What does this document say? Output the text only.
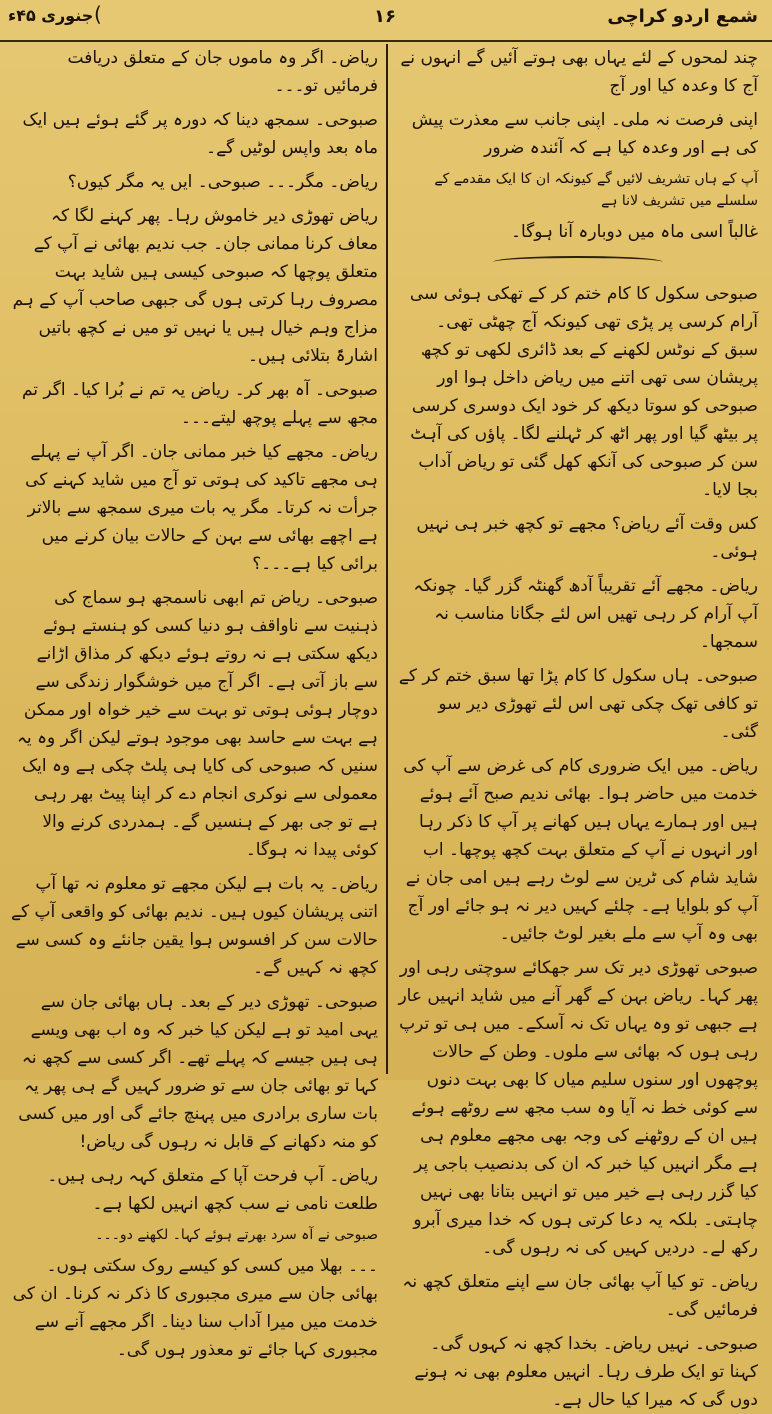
شمع اردو کراچی
۱۶
(
جنوری ۴۵ء

چند لمحوں کے لئے یہاں بھی ہوتے آئیں گے انہوں نے آج کا وعدہ کیا اور آج

اپنی فرصت نہ ملی۔ اپنی جانب سے معذرت پیش کی ہے اور وعدہ کیا ہے کہ آئندہ ضرور

آپ کے ہاں تشریف لائیں گے کیونکہ ان کا ایک مقدمے کے سلسلے میں تشریف لانا ہے

غالباً اسی ماہ میں دوبارہ آنا ہوگا۔

صبوحی سکول کا کام ختم کر کے تھکی ہوئی سی آرام کرسی پر پڑی تھی کیونکہ آج چھٹی تھی۔ سبق کے نوٹس لکھنے کے بعد ڈائری لکھی تو کچھ پریشان سی تھی اتنے میں ریاض داخل ہوا اور صبوحی کو سوتا دیکھ کر خود ایک دوسری کرسی پر بیٹھ گیا اور پھر اٹھ کر ٹہلنے لگا۔ پاؤں کی آہٹ سن کر صبوحی کی آنکھ کھل گئی تو ریاض آداب بجا لایا۔

کس وقت آئے ریاض؟ مجھے تو کچھ خبر ہی نہیں ہوئی۔

ریاض۔ مجھے آئے تقریباً آدھ گھنٹہ گزر گیا۔ چونکہ آپ آرام کر رہی تھیں اس لئے جگانا مناسب نہ سمجھا۔

صبوحی۔ ہاں سکول کا کام پڑا تھا سبق ختم کر کے تو کافی تھک چکی تھی اس لئے تھوڑی دیر سو گئی۔

ریاض۔ میں ایک ضروری کام کی غرض سے آپ کی خدمت میں حاضر ہوا۔ بھائی ندیم صبح آئے ہوئے ہیں اور ہمارے یہاں ہیں کھانے پر آپ کا ذکر رہا اور انہوں نے آپ کے متعلق بہت کچھ پوچھا۔ اب شاید شام کی ٹرین سے لوٹ رہے ہیں امی جان نے آپ کو بلوایا ہے۔ چلئے کہیں دیر نہ ہو جائے اور آج بھی وہ آپ سے ملے بغیر لوٹ جائیں۔

صبوحی تھوڑی دیر تک سر جھکائے سوچتی رہی اور پھر کہا۔ ریاض بہن کے گھر آنے میں شاید انہیں عار ہے جبھی تو وہ یہاں تک نہ آسکے۔ میں ہی تو ترپ رہی ہوں کہ بھائی سے ملوں۔ وطن کے حالات پوچھوں اور سنوں سلیم میاں کا بھی بہت دنوں سے کوئی خط نہ آیا وہ سب مجھ سے روٹھے ہوئے ہیں ان کے روٹھنے کی وجہ بھی مجھے معلوم ہی ہے مگر انہیں کیا خبر کہ ان کی بدنصیب باجی پر کیا گزر رہی ہے خیر میں تو انہیں بتانا بھی نہیں چاہتی۔ بلکہ یہ دعا کرتی ہوں کہ خدا میری آبرو رکھ لے۔ دردیں کہیں کی نہ رہوں گی۔

ریاض۔ تو کیا آپ بھائی جان سے اپنے متعلق کچھ نہ فرمائیں گی۔

صبوحی۔ نہیں ریاض۔ بخدا کچھ نہ کہوں گی۔ کہنا تو ایک طرف رہا۔ انہیں معلوم بھی نہ ہونے دوں گی کہ میرا کیا حال ہے۔

ریاض۔ اگر وہ ماموں جان کے متعلق دریافت فرمائیں تو۔۔۔

صبوحی۔ سمجھ دینا کہ دورہ پر گئے ہوئے ہیں ایک ماہ بعد واپس لوٹیں گے۔

ریاض۔ مگر۔۔۔ صبوحی۔ ایں یہ مگر کیوں؟

ریاض تھوڑی دیر خاموش رہا۔ پھر کہنے لگا کہ معاف کرنا ممانی جان۔ جب ندیم بھائی نے آپ کے متعلق پوچھا کہ صبوحی کیسی ہیں شاید بہت مصروف رہا کرتی ہوں گی جبھی صاحب آپ کے ہم مزاج وہم خیال ہیں یا نہیں تو میں نے کچھ باتیں اشارۃً بتلائی ہیں۔

صبوحی۔ آہ بھر کر۔ ریاض یہ تم نے بُرا کیا۔ اگر تم مجھ سے پہلے پوچھ لیتے۔۔۔

ریاض۔ مجھے کیا خبر ممانی جان۔ اگر آپ نے پہلے ہی مجھے تاکید کی ہوتی تو آج میں شاید کہنے کی جرأت نہ کرتا۔ مگر یہ بات میری سمجھ سے بالاتر ہے اچھے بھائی سے بہن کے حالات بیان کرنے میں برائی کیا ہے۔۔۔؟

صبوحی۔ ریاض تم ابھی ناسمجھ ہو سماج کی ذہنیت سے ناواقف ہو دنیا کسی کو ہنستے ہوئے دیکھ سکتی ہے نہ روتے ہوئے دیکھ کر مذاق اڑانے سے باز آتی ہے۔ اگر آج میں خوشگوار زندگی سے دوچار ہوئی ہوتی تو بہت سے خیر خواہ اور ممکن ہے بہت سے حاسد بھی موجود ہوتے لیکن اگر وہ یہ سنیں کہ صبوحی کی کایا ہی پلٹ چکی ہے وہ ایک معمولی سے نوکری انجام دے کر اپنا پیٹ بھر رہی ہے تو جی بھر کے ہنسیں گے۔ ہمدردی کرنے والا کوئی پیدا نہ ہوگا۔

ریاض۔ یہ بات ہے لیکن مجھے تو معلوم نہ تھا آپ اتنی پریشان کیوں ہیں۔ ندیم بھائی کو واقعی آپ کے حالات سن کر افسوس ہوا یقین جانئے وہ کسی سے کچھ نہ کہیں گے۔

صبوحی۔ تھوڑی دیر کے بعد۔ ہاں بھائی جان سے یہی امید تو ہے لیکن کیا خبر کہ وہ اب بھی ویسے ہی ہیں جیسے کہ پہلے تھے۔ اگر کسی سے کچھ نہ کہا تو بھائی جان سے تو ضرور کہیں گے ہی پھر یہ بات ساری برادری میں پہنچ جائے گی اور میں کسی کو منہ دکھانے کے قابل نہ رہوں گی ریاض!

ریاض۔ آپ فرحت آپا کے متعلق کہہ رہی ہیں۔ طلعت نامی نے سب کچھ انہیں لکھا ہے۔

صبوحی نے آہ سرد بھرتے ہوئے کہا۔ لکھنے دو۔۔۔

۔۔۔ بھلا میں کسی کو کیسے روک سکتی ہوں۔ بھائی جان سے میری مجبوری کا ذکر نہ کرنا۔ ان کی خدمت میں میرا آداب سنا دینا۔ اگر مجھے آنے سے مجبوری کہا جائے تو معذور ہوں گی۔
